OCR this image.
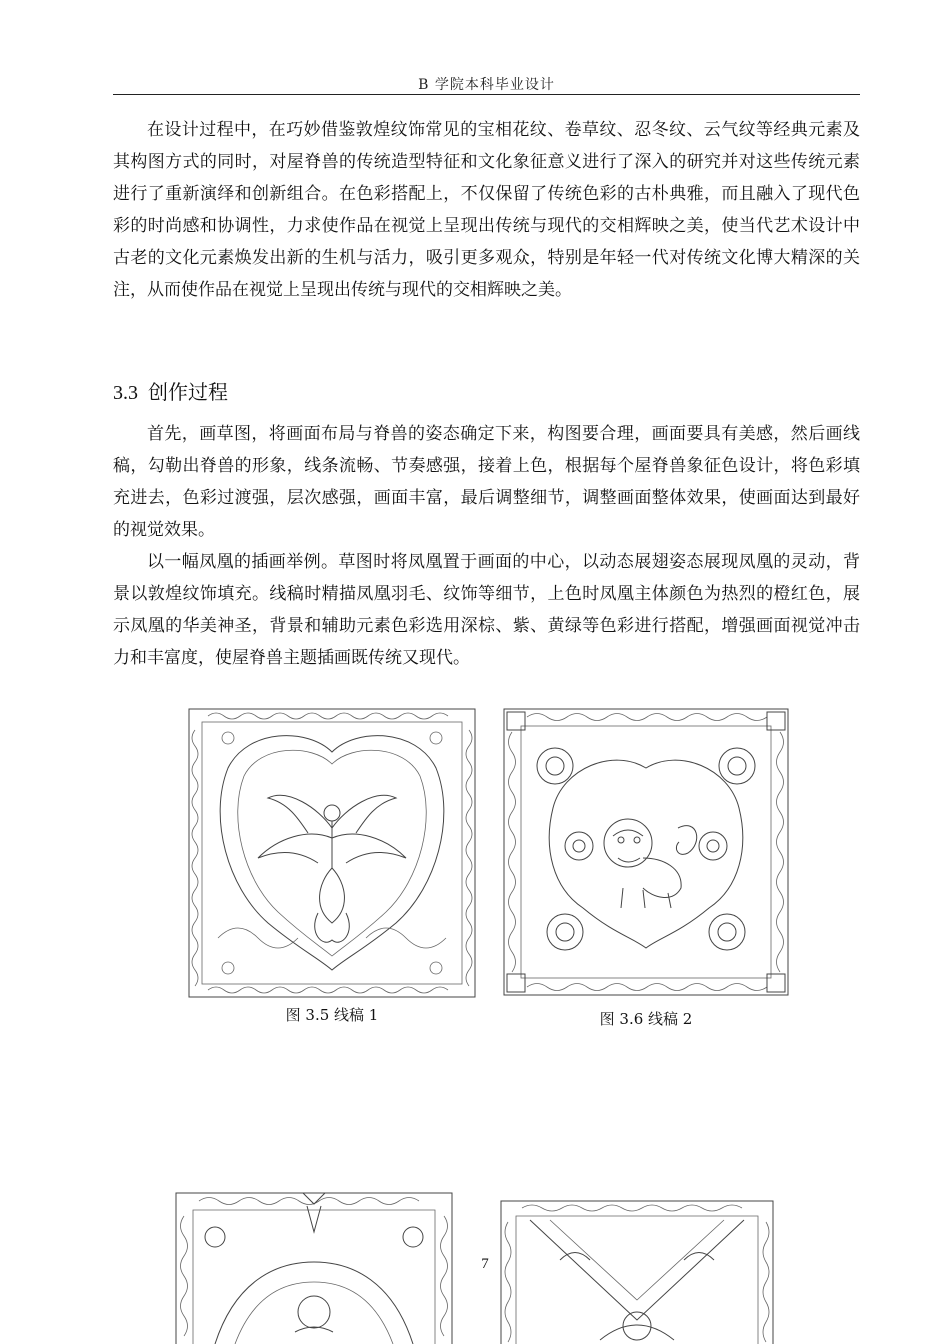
B 学院本科毕业设计

在设计过程中，在巧妙借鉴敦煌纹饰常见的宝相花纹、卷草纹、忍冬纹、云气纹等经典元素及其构图方式的同时，对屋脊兽的传统造型特征和文化象征意义进行了深入的研究并对这些传统元素进行了重新演绎和创新组合。在色彩搭配上，不仅保留了传统色彩的古朴典雅，而且融入了现代色彩的时尚感和协调性，力求使作品在视觉上呈现出传统与现代的交相辉映之美，使当代艺术设计中古老的文化元素焕发出新的生机与活力，吸引更多观众，特别是年轻一代对传统文化博大精深的关注，从而使作品在视觉上呈现出传统与现代的交相辉映之美。

3.3 创作过程

首先，画草图，将画面布局与脊兽的姿态确定下来，构图要合理，画面要具有美感，然后画线稿，勾勒出脊兽的形象，线条流畅、节奏感强，接着上色，根据每个屋脊兽象征色设计，将色彩填充进去，色彩过渡强，层次感强，画面丰富，最后调整细节，调整画面整体效果，使画面达到最好的视觉效果。

以一幅凤凰的插画举例。草图时将凤凰置于画面的中心，以动态展翅姿态展现凤凰的灵动，背景以敦煌纹饰填充。线稿时精描凤凰羽毛、纹饰等细节，上色时凤凰主体颜色为热烈的橙红色，展示凤凰的华美神圣，背景和辅助元素色彩选用深棕、紫、黄绿等色彩进行搭配，增强画面视觉冲击力和丰富度，使屋脊兽主题插画既传统又现代。

图 3.5 线稿 1	图 3.6 线稿 2
7
